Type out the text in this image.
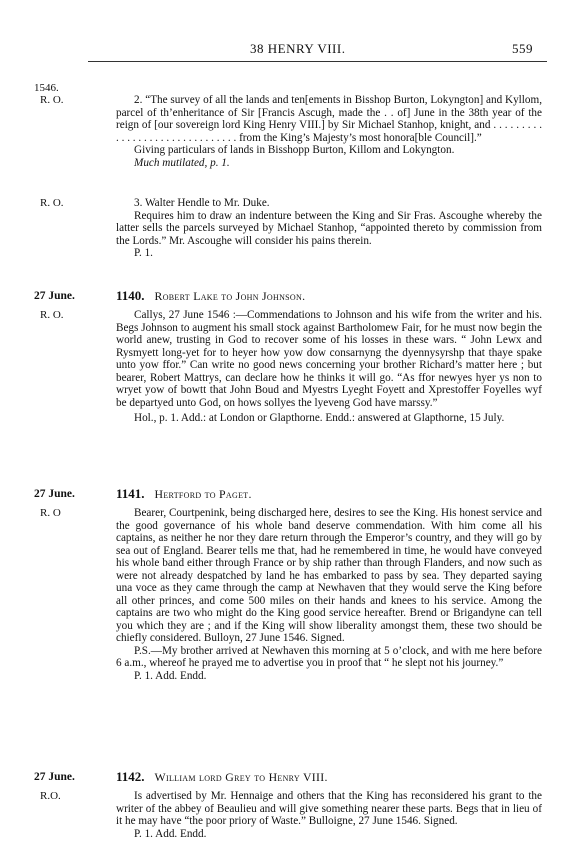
38 HENRY VIII.	559
1546.
R. O.	2. “The survey of all the lands and ten[ements in Bisshop Burton, Lokyngton] and Kyllom, parcel of th’enheritance of Sir [Francis Ascugh, made the . . of] June in the 38th year of the reign of [our sovereign lord King Henry VIII.] by Sir Michael Stanhop, knight, and . . . . . . . . . . . . . . . . . . . . . . . . . . . . . . . from the King’s Majesty’s most honora[ble Council].”

Giving particulars of lands in Bisshopp Burton, Killom and Lokyngton.

Much mutilated, p. 1.

R. O.	3. Walter Hendle to Mr. Duke.

Requires him to draw an indenture between the King and Sir Fras. Ascoughe whereby the latter sells the parcels surveyed by Michael Stanhop, “appointed thereto by commission from the Lords.” Mr. Ascoughe will consider his pains therein.

P. 1.

27 June.	1140. Robert Lake to John Johnson.
R. O.	Callys, 27 June 1546 :—Commendations to Johnson and his wife from the writer and his. Begs Johnson to augment his small stock against Bartholomew Fair, for he must now begin the world anew, trusting in God to recover some of his losses in these wars. “ John Lewx and Rysmyett long-yet for to heyer how yow dow consarnyng the dyennysyrshp that thaye spake unto yow ffor.” Can write no good news concerning your brother Richard’s matter here ; but bearer, Robert Mattrys, can declare how he thinks it will go. “As ffor newyes hyer ys non to wryet yow of bowtt that John Boud and Myestrs Lyeght Foyett and Xprestoffer Foyelles wyf be departyed unto God, on hows sollyes the lyeveng God have marssy.”

Hol., p. 1. Add.: at London or Glapthorne. Endd.: answered at Glapthorne, 15 July.

27 June.	1141. Hertford to Paget.
R. O	Bearer, Courtpenink, being discharged here, desires to see the King. His honest service and the good governance of his whole band deserve commendation. With him come all his captains, as neither he nor they dare return through the Emperor’s country, and they will go by sea out of England. Bearer tells me that, had he remembered in time, he would have conveyed his whole band either through France or by ship rather than through Flanders, and now such as were not already despatched by land he has embarked to pass by sea. They departed saying una voce as they came through the camp at Newhaven that they would serve the King before all other princes, and come 500 miles on their hands and knees to his service. Among the captains are two who might do the King good service hereafter. Brend or Brigandyne can tell you which they are ; and if the King will show liberality amongst them, these two should be chiefly considered. Bulloyn, 27 June 1546. Signed.

P.S.—My brother arrived at Newhaven this morning at 5 o’clock, and with me here before 6 a.m., whereof he prayed me to advertise you in proof that “ he slept not his journey.”

P. 1. Add. Endd.

27 June.	1142. William lord Grey to Henry VIII.
R.O.	Is advertised by Mr. Hennaige and others that the King has reconsidered his grant to the writer of the abbey of Beaulieu and will give something nearer these parts. Begs that in lieu of it he may have “the poor priory of Waste.” Bulloigne, 27 June 1546. Signed.

P. 1. Add. Endd.
